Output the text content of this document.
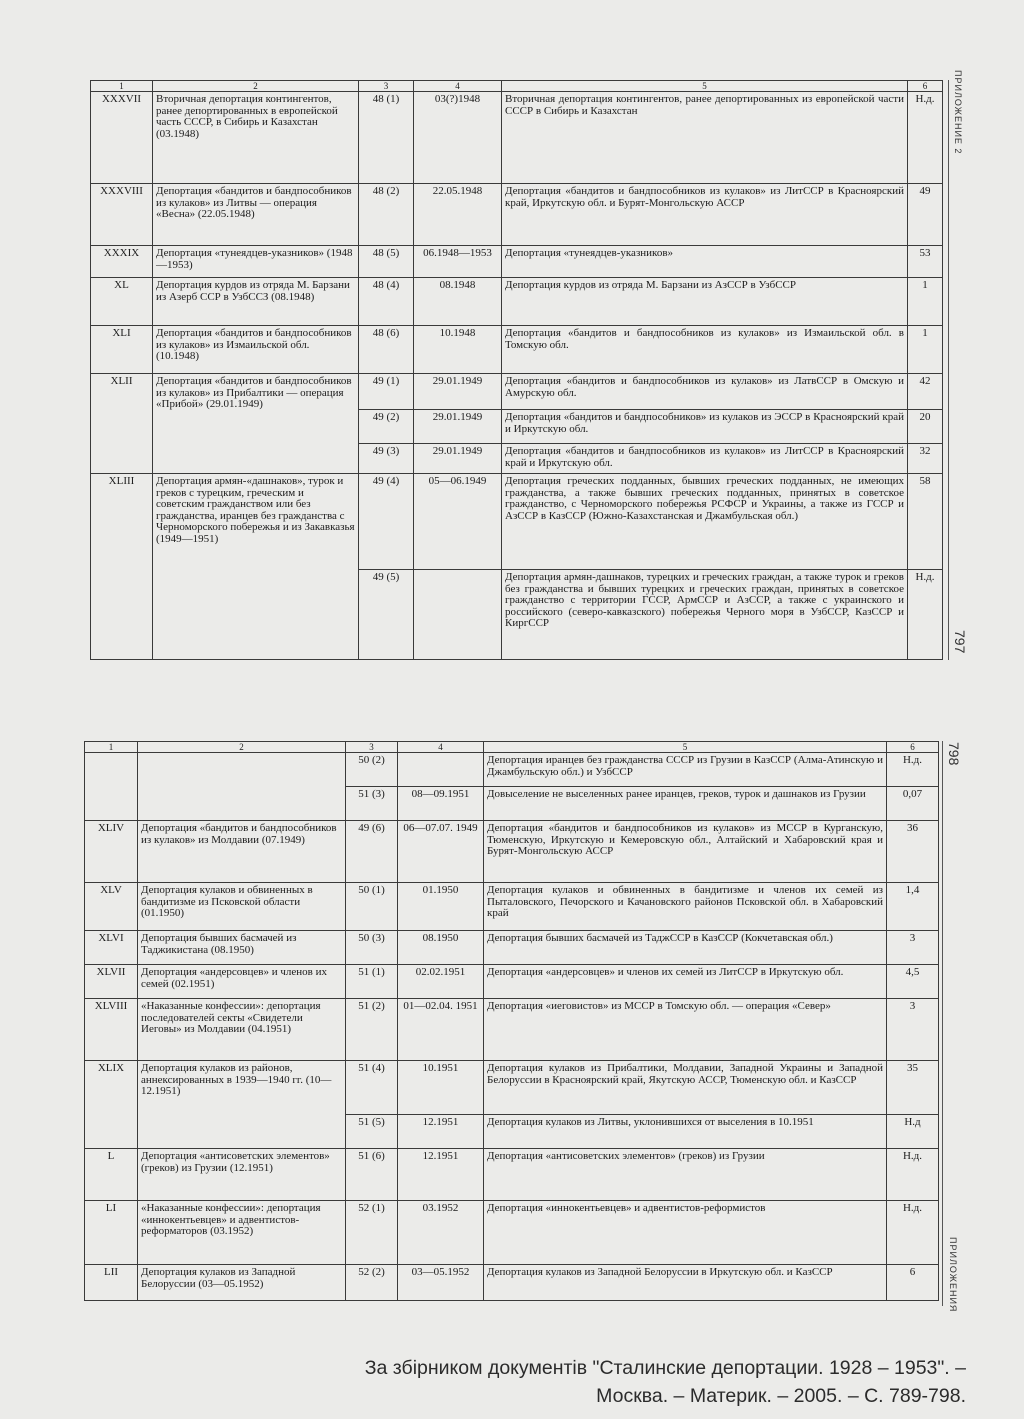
1	2	3	4	5	6
XXXVII	Вторичная депортация контингентов, ранее депортированных в европейской часть СССР, в Сибирь и Казахстан (03.1948)	48 (1)	03(?)1948	Вторичная депортация контингентов, ранее депортированных из европейской части СССР в Сибирь и Казахстан	Н.д.
XXXVIII	Депортация «бандитов и бандпособников из кулаков» из Литвы — операция «Весна» (22.05.1948)	48 (2)	22.05.1948	Депортация «бандитов и бандпособников из кулаков» из ЛитССР в Красноярский край, Иркутскую обл. и Бурят-Монгольскую АССР	49
XXXIX	Депортация «тунеядцев-указников» (1948—1953)	48 (5)	06.1948—1953	Депортация «тунеядцев-указников»	53
XL	Депортация курдов из отряда М. Барзани из Азерб ССР в УзбССЗ (08.1948)	48 (4)	08.1948	Депортация курдов из отряда М. Барзани из АзССР в УзбССР	1
XLI	Депортация «бандитов и бандпособников из кулаков» из Измаильской обл. (10.1948)	48 (6)	10.1948	Депортация «бандитов и бандпособников из кулаков» из Измаильской обл. в Томскую обл.	1
XLII	Депортация «бандитов и бандпособников из кулаков» из Прибалтики — операция «Прибой» (29.01.1949)	49 (1)	29.01.1949	Депортация «бандитов и бандпособников из кулаков» из ЛатвССР в Омскую и Амурскую обл.	42
		49 (2)	29.01.1949	Депортация «бандитов и бандпособников» из кулаков из ЭССР в Красноярский край и Иркутскую обл.	20
		49 (3)	29.01.1949	Депортация «бандитов и бандпособников из кулаков» из ЛитССР в Красноярский край и Иркутскую обл.	32
XLIII	Депортация армян-«дашнаков», турок и греков с турецким, греческим и советским гражданством или без гражданства, иранцев без гражданства с Черноморского побережья и из Закавказья (1949—1951)	49 (4)	05—06.1949	Депортация греческих подданных, бывших греческих подданных, не имеющих гражданства, а также бывших греческих подданных, принятых в советское гражданство, с Черноморского побережья РСФСР и Украины, а также из ГССР и АзССР в КазССР (Южно-Казахстанская и Джамбульская обл.)	58
		49 (5)		Депортация армян-дашнаков, турецких и греческих граждан, а также турок и греков без гражданства и бывших турецких и греческих граждан, принятых в советское гражданство с территории ГССР, АрмССР и АзССР, а также с украинского и российского (северо-кавказского) побережья Черного моря в УзбССР, КазССР и КиргССР	Н.д.
ПРИЛОЖЕНИЕ 2
797
1	2	3	4	5	6
		50 (2)		Депортация иранцев без гражданства СССР из Грузии в КазССР (Алма-Атинскую и Джамбульскую обл.) и УзбССР	Н.д.
		51 (3)	08—09.1951	Довыселение не выселенных ранее иранцев, греков, турок и дашнаков из Грузии	0,07
XLIV	Депортация «бандитов и бандпособников из кулаков» из Молдавии (07.1949)	49 (6)	06—07.07. 1949	Депортация «бандитов и бандпособников из кулаков» из МССР в Курганскую, Тюменскую, Иркутскую и Кемеровскую обл., Алтайский и Хабаровский края и Бурят-Монгольскую АССР	36
XLV	Депортация кулаков и обвиненных в бандитизме из Псковской области (01.1950)	50 (1)	01.1950	Депортация кулаков и обвиненных в бандитизме и членов их семей из Пыталовского, Печорского и Качановского районов Псковской обл. в Хабаровский край	1,4
XLVI	Депортация бывших басмачей из Таджикистана (08.1950)	50 (3)	08.1950	Депортация бывших басмачей из ТаджССР в КазССР (Кокчетавская обл.)	3
XLVII	Депортация «андерсовцев» и членов их семей (02.1951)	51 (1)	02.02.1951	Депортация «андерсовцев» и членов их семей из ЛитССР в Иркутскую обл.	4,5
XLVIII	«Наказанные конфессии»: депортация последователей секты «Свидетели Иеговы» из Молдавии (04.1951)	51 (2)	01—02.04. 1951	Депортация «иеговистов» из МССР в Томскую обл. — операция «Север»	3
XLIX	Депортация кулаков из районов, аннексированных в 1939—1940 гг. (10—12.1951)	51 (4)	10.1951	Депортация кулаков из Прибалтики, Молдавии, Западной Украины и Западной Белоруссии в Красноярский край, Якутскую АССР, Тюменскую обл. и КазССР	35
		51 (5)	12.1951	Депортация кулаков из Литвы, уклонившихся от выселения в 10.1951	Н.д
L	Депортация «антисоветских элементов» (греков) из Грузии (12.1951)	51 (6)	12.1951	Депортация «антисоветских элементов» (греков) из Грузии	Н.д.
LI	«Наказанные конфессии»: депортация «иннокентьевцев» и адвентистов-реформаторов (03.1952)	52 (1)	03.1952	Депортация «иннокентьевцев» и адвентистов-реформистов	Н.д.
LII	Депортация кулаков из Западной Белоруссии (03—05.1952)	52 (2)	03—05.1952	Депортация кулаков из Западной Белоруссии в Иркутскую обл. и КазССР	6
798
ПРИЛОЖЕНИЯ
За збірником документів "Сталинские депортации. 1928 – 1953". –
Москва. – Материк. – 2005. – С. 789-798.
